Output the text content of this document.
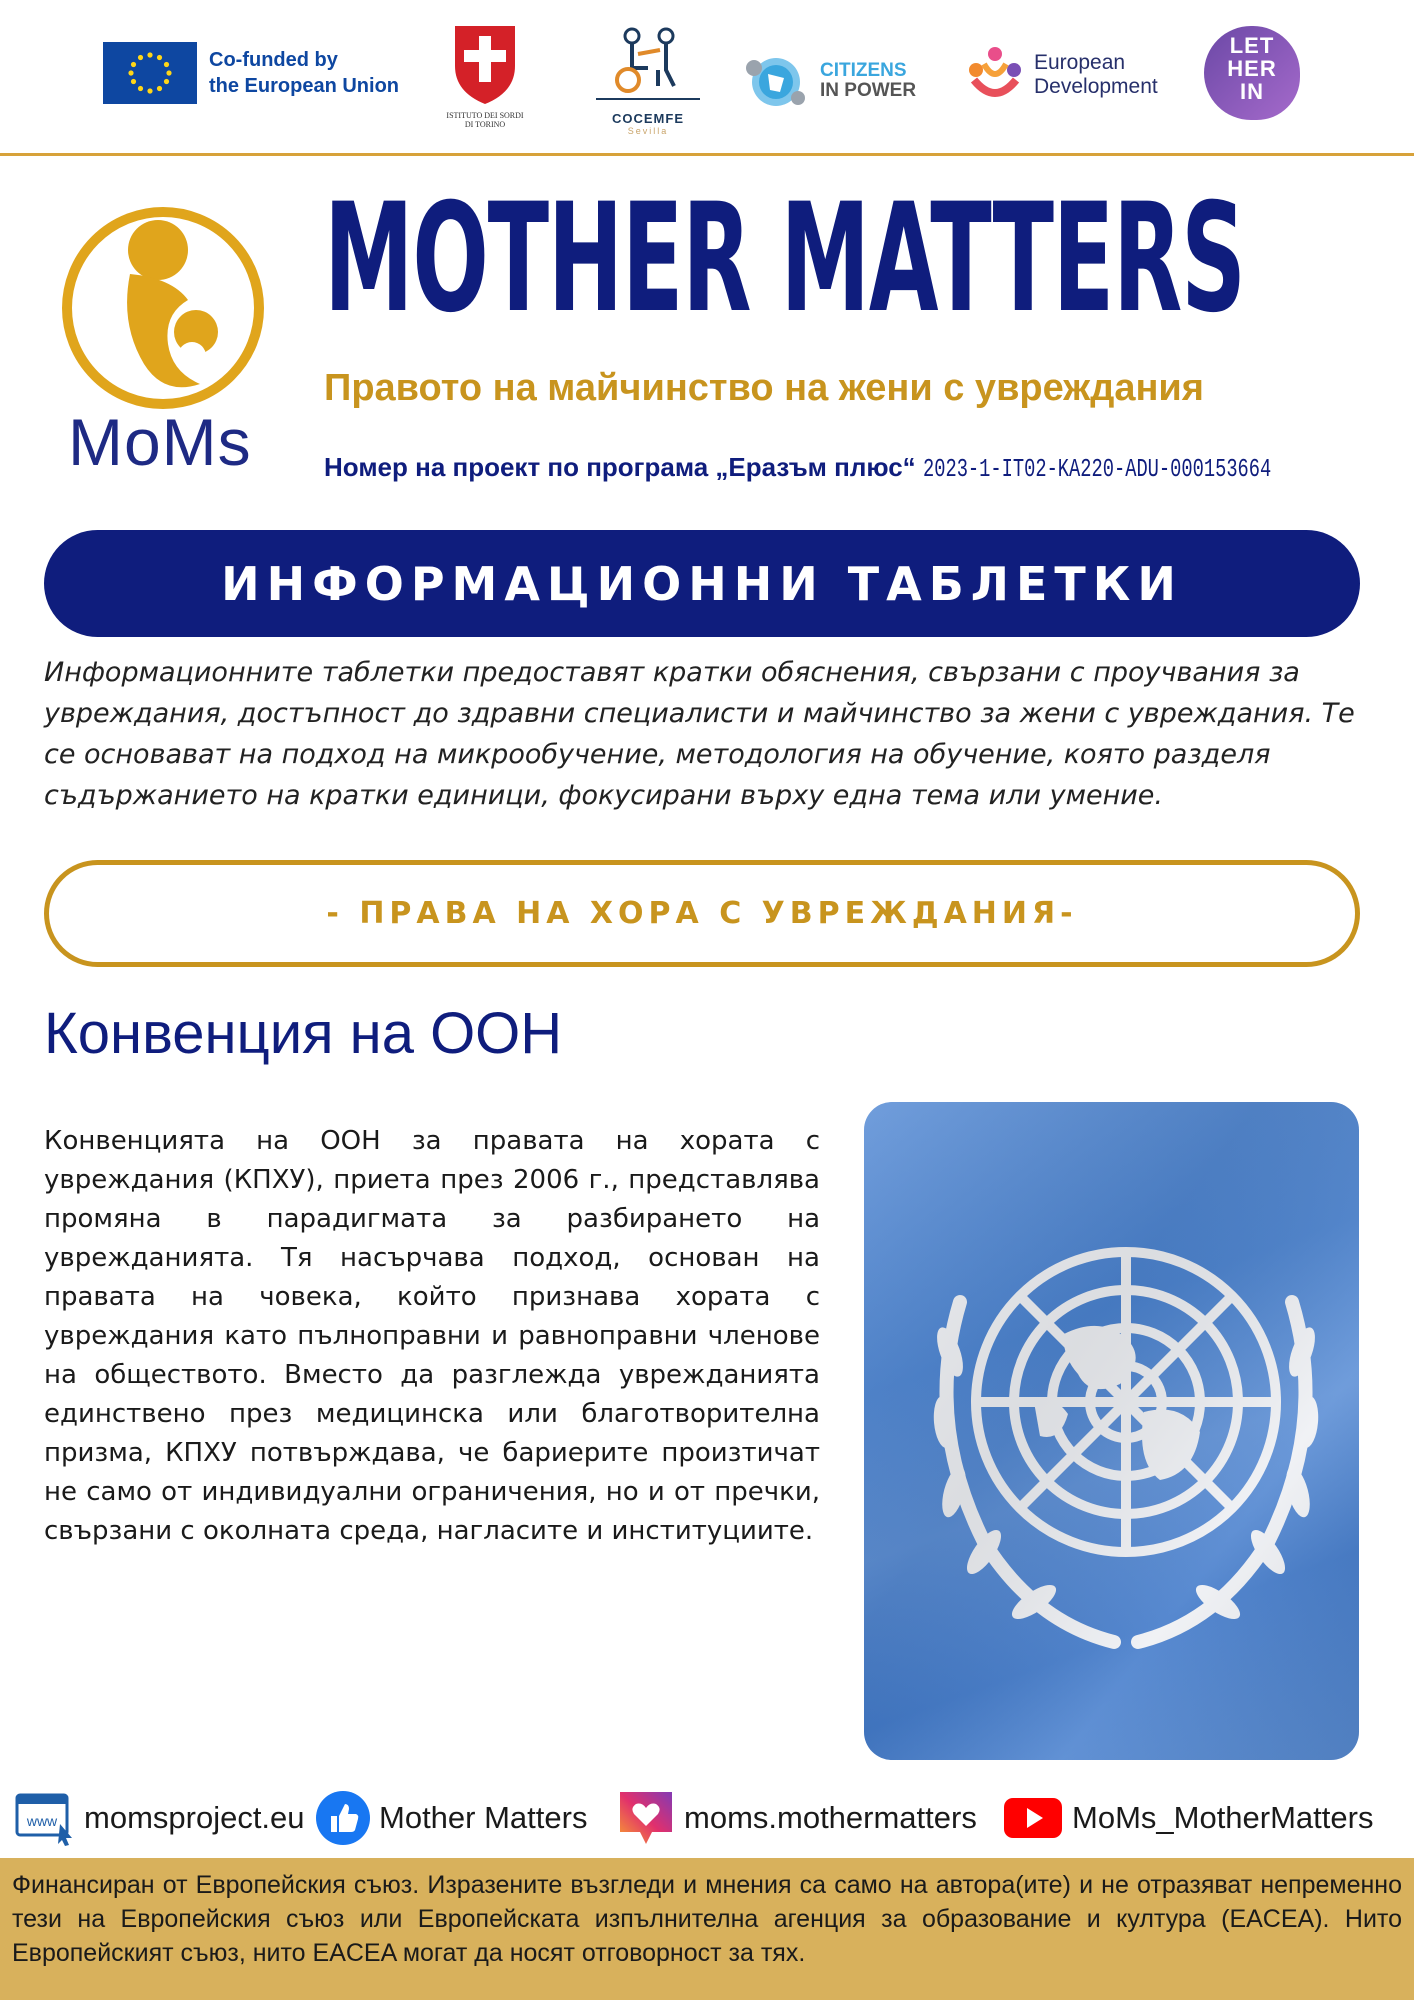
Co-funded by
the European Union
ISTITUTO DEI SORDI
DI TORINO	COCEMFE
Sevilla
CITIZENS
IN POWER
European
Development
LET
HER
IN
MoMs
MOTHER MATTERS
Правото на майчинство на жени с увреждания
Номер на проект по програма „Еразъм плюс“ 2023-1-IT02-KA220-ADU-000153664
ИНФОРМАЦИОННИ ТАБЛЕТКИ
Информационните таблетки предоставят кратки обяснения, свързани с проучвания за увреждания, достъпност до здравни специалисти и майчинство за жени с увреждания. Те се основават на подход на микрообучение, методология на обучение, която разделя съдържанието на кратки единици, фокусирани върху една тема или умение.
- ПРАВА НА ХОРА С УВРЕЖДАНИЯ-
Конвенция на ООН
Конвенцията на ООН за правата на хората с увреждания (КПХУ), приета през 2006 г., представлява промяна в парадигмата за разбирането на уврежданията. Тя насърчава подход, основан на правата на човека, който признава хората с увреждания като пълноправни и равноправни членове на обществото. Вместо да разглежда уврежданията единствено през медицинска или благотворителна призма, КПХУ потвърждава, че бариерите произтичат не само от индивидуални ограничения, но и от пречки, свързани с околната среда, нагласите и институциите.
www momsproject.eu Mother Matters	moms.mothermatters	MoMs_MotherMatters

Финансиран от Европейския съюз. Изразените възгледи и мнения са само на автора(ите) и не отразяват непременно тези на Европейския съюз или Европейската изпълнителна агенция за образование и култура (EACEA). Нито Европейският съюз, нито EACEA могат да носят отговорност за тях.
